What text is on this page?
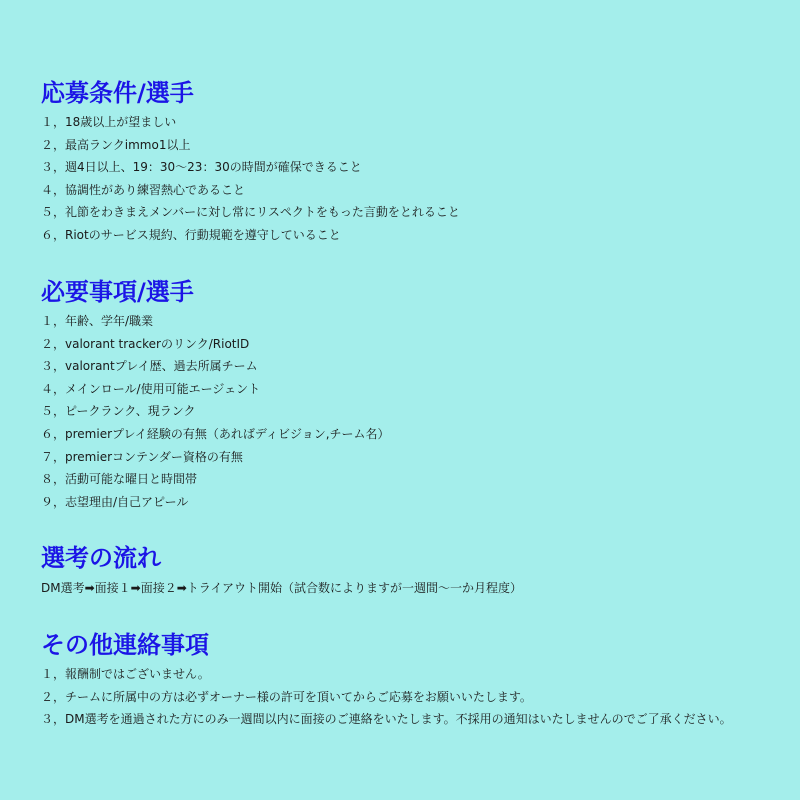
応募条件/選手
１，18歳以上が望ましい
２，最高ランクimmo1以上
３，週4日以上、19：30〜23：30の時間が確保できること
４，協調性があり練習熱心であること
５，礼節をわきまえメンバーに対し常にリスペクトをもった言動をとれること
６，Riotのサービス規約、行動規範を遵守していること
必要事項/選手
１，年齢、学年/職業
２，valorant trackerのリンク/RiotID
３，valorantプレイ歴、過去所属チーム
４，メインロール/使用可能エージェント
５，ピークランク、現ランク
６，premierプレイ経験の有無（あればディビジョン,チーム名）
７，premierコンテンダー資格の有無
８，活動可能な曜日と時間帯
９，志望理由/自己アピール
選考の流れ

DM選考➡面接１➡面接２➡トライアウト開始（試合数によりますが一週間〜一か月程度）

その他連絡事項
１，報酬制ではございません。
２，チームに所属中の方は必ずオーナー様の許可を頂いてからご応募をお願いいたします。
３，DM選考を通過された方にのみ一週間以内に面接のご連絡をいたします。不採用の通知はいたしませんのでご了承ください。
